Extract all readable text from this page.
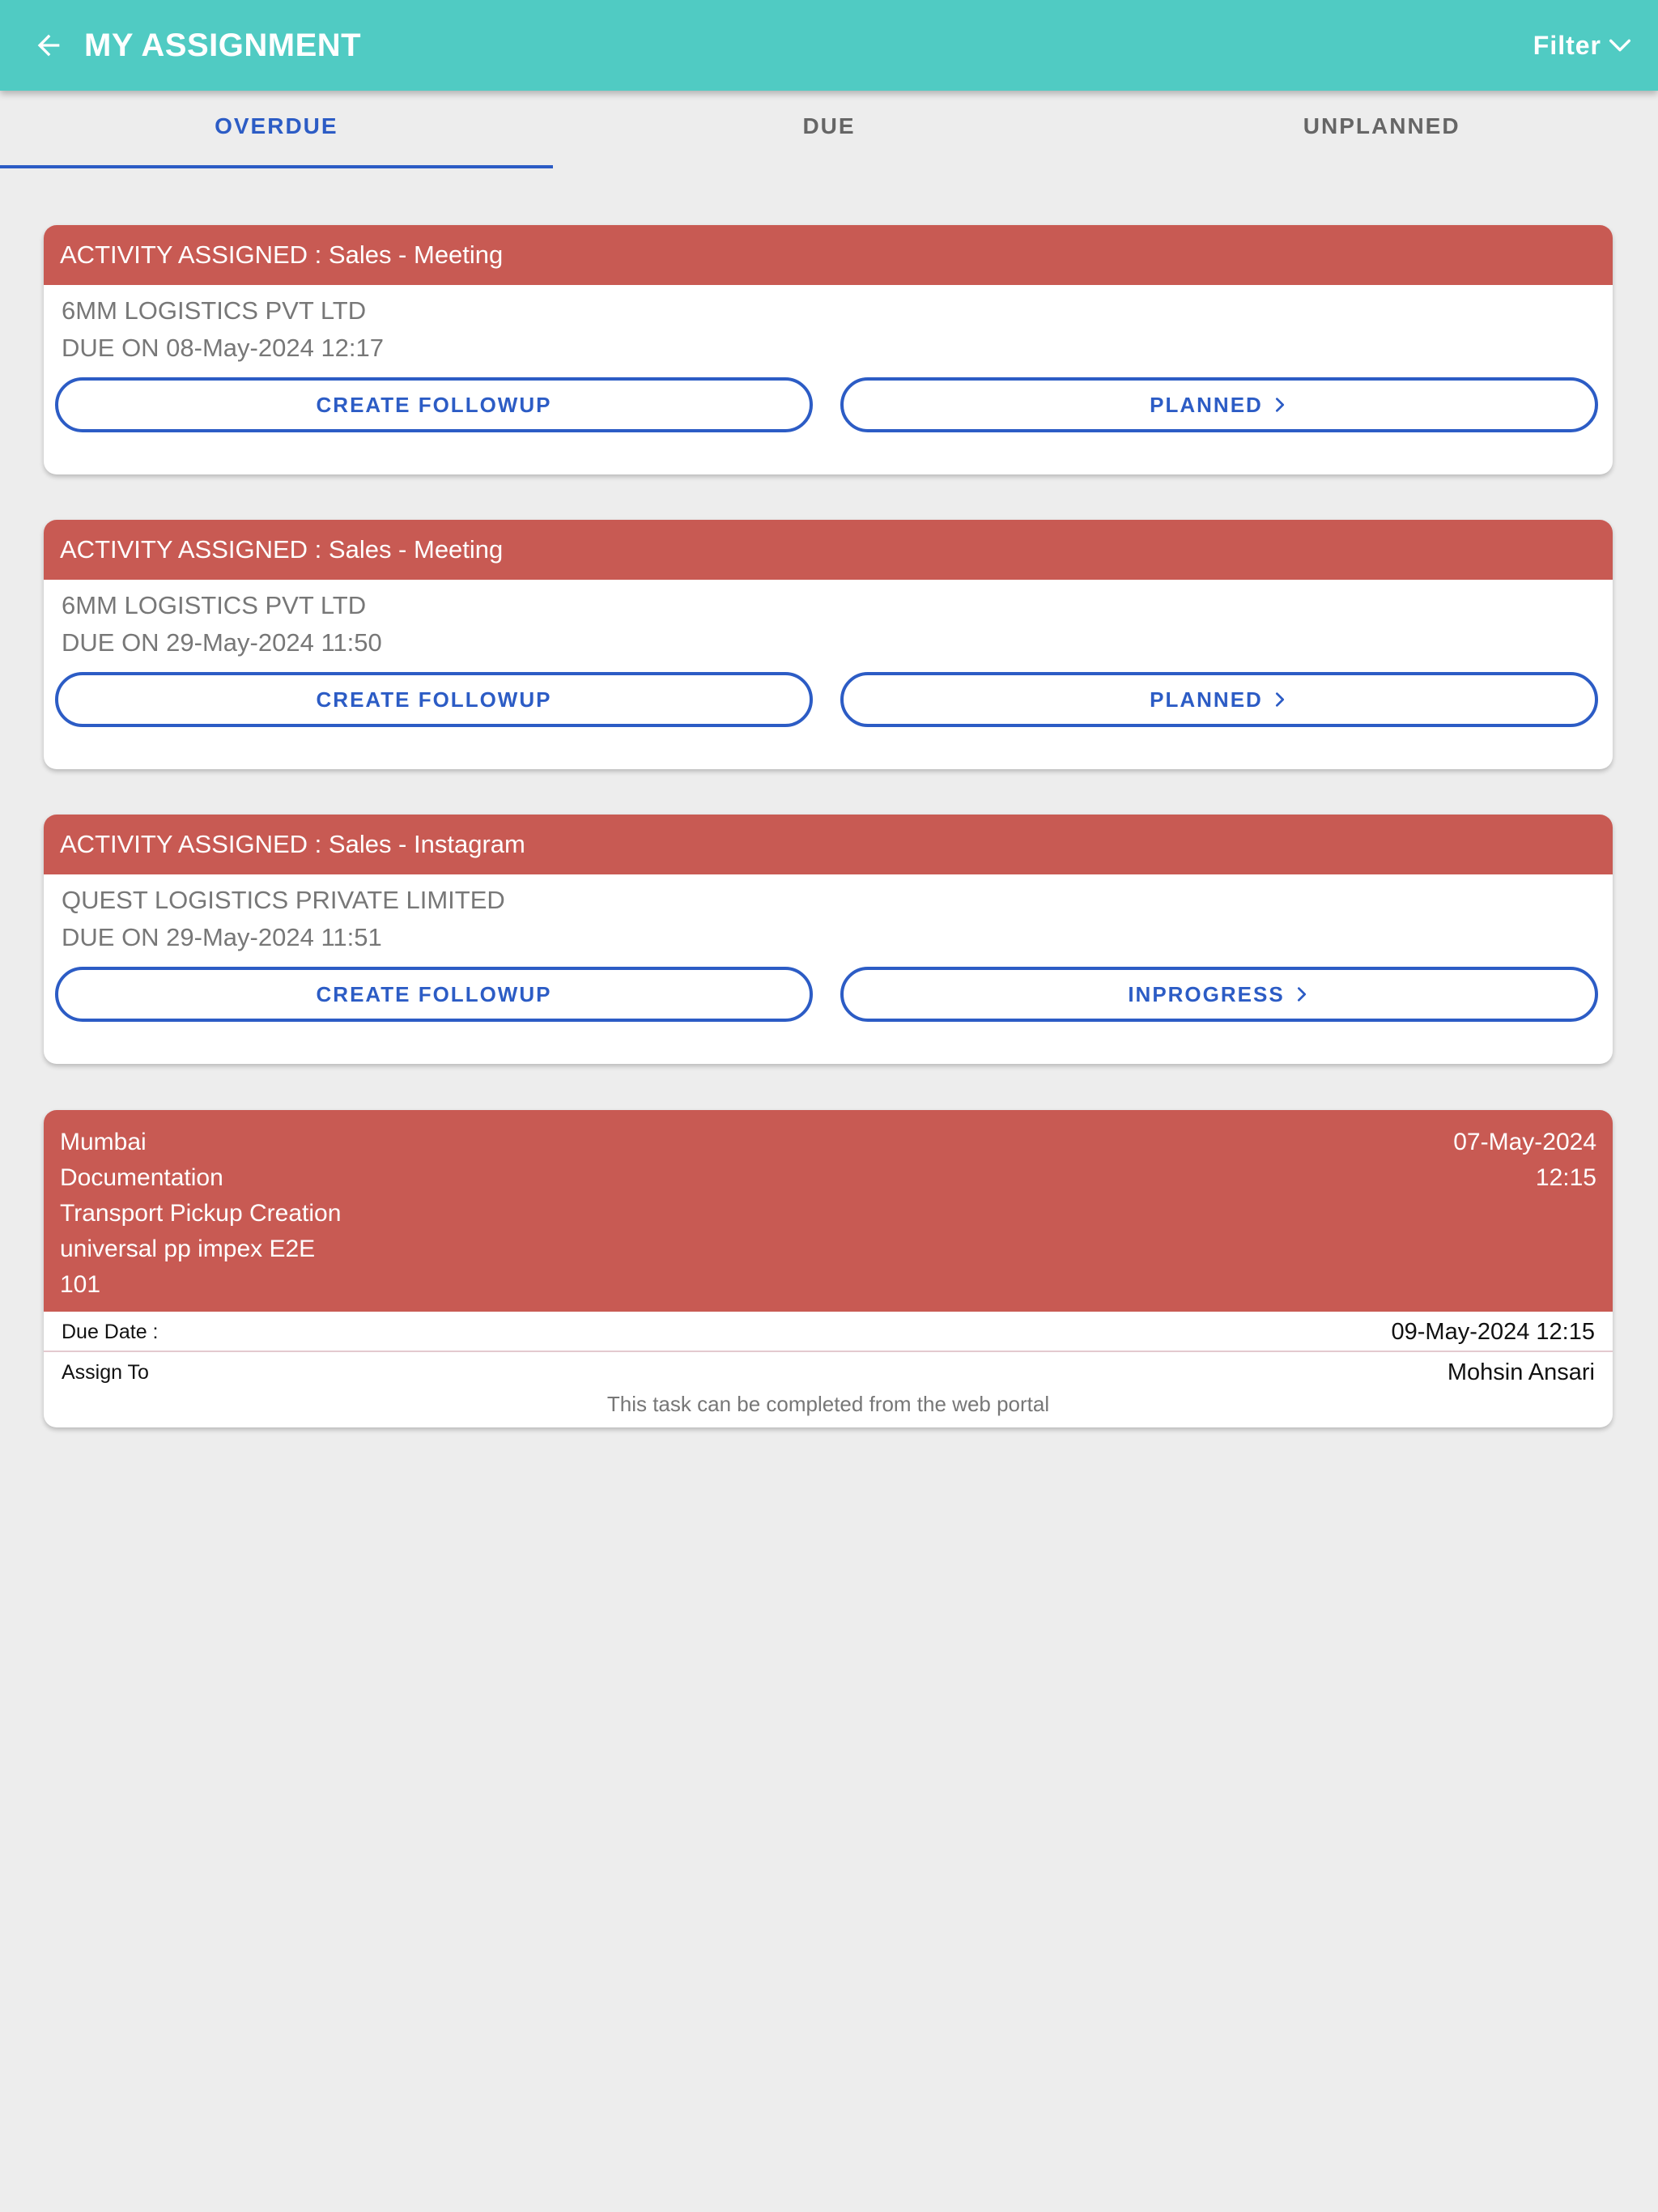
MY ASSIGNMENT	Filter
OVERDUE	DUE	UNPLANNED
ACTIVITY ASSIGNED : Sales - Meeting
6MM LOGISTICS PVT LTD
DUE ON 08-May-2024 12:17
CREATE FOLLOWUP	PLANNED
ACTIVITY ASSIGNED : Sales - Meeting
6MM LOGISTICS PVT LTD
DUE ON 29-May-2024 11:50
CREATE FOLLOWUP	PLANNED
ACTIVITY ASSIGNED : Sales - Instagram
QUEST LOGISTICS PRIVATE LIMITED
DUE ON 29-May-2024 11:51
CREATE FOLLOWUP	INPROGRESS
Mumbai
Documentation
Transport Pickup Creation
universal pp impex E2E
101
07-May-2024
12:15
Due Date :	09-May-2024 12:15
Assign To	Mohsin Ansari
This task can be completed from the web portal
